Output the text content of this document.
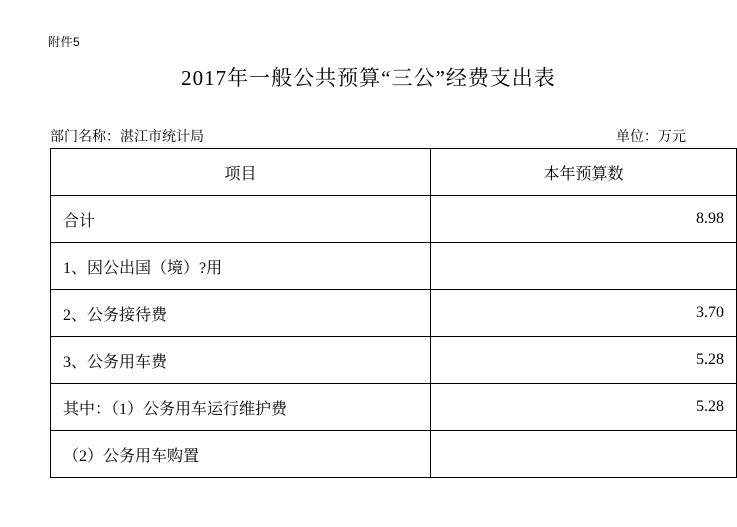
附件5
2017年一般公共预算“三公”经费支出表
部门名称：湛江市统计局	单位：万元
项目	本年预算数
合计	8.98
1、因公出国（境）?用	
2、公务接待费	3.70
3、公务用车费	5.28
其中：（1）公务用车运行维护费	5.28
（2）公务用车购置	
